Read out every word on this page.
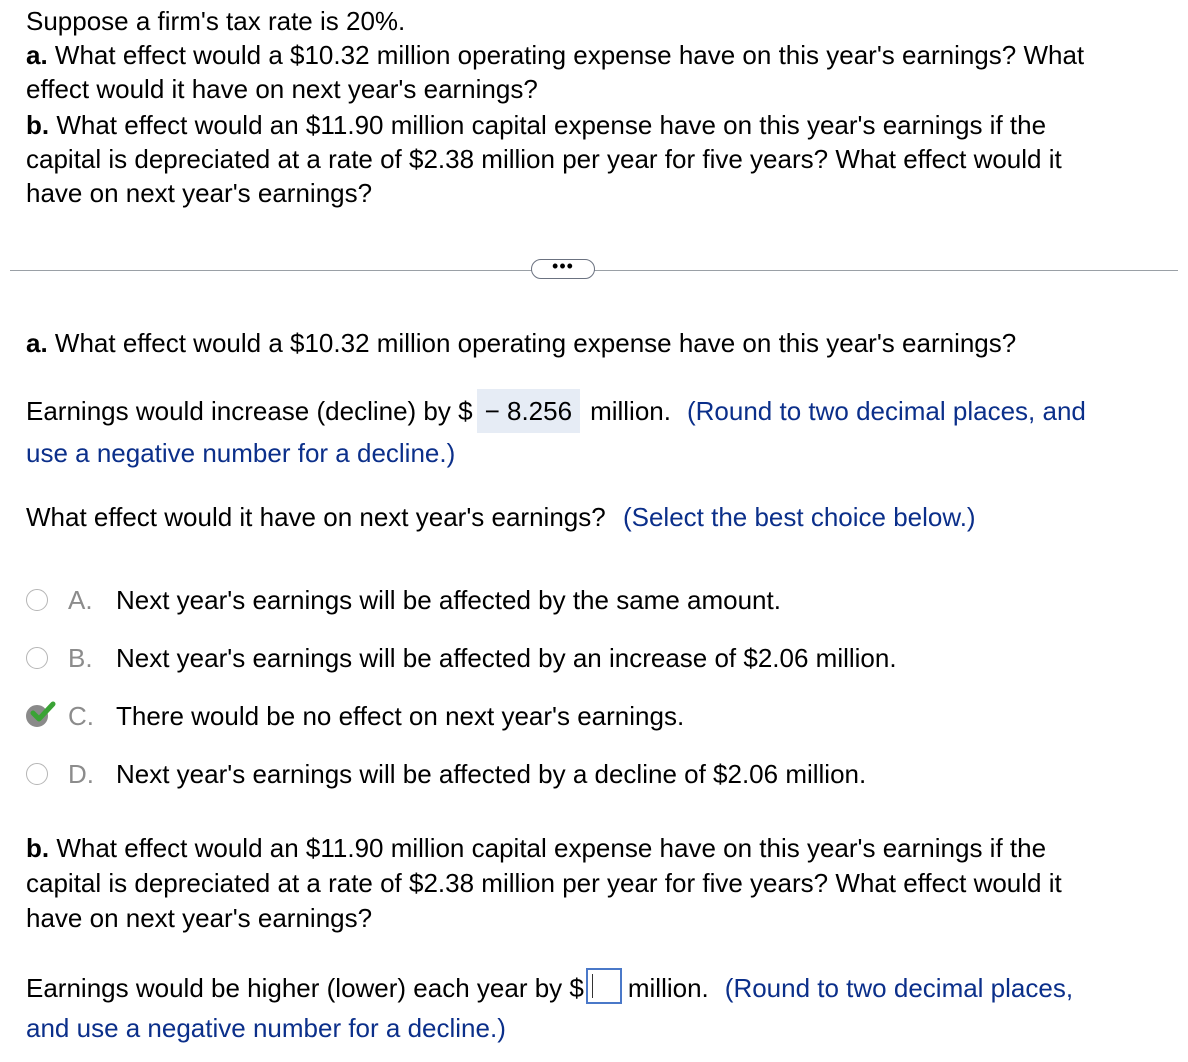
Suppose a firm's tax rate is 20%.
a. What effect would a $10.32 million operating expense have on this year's earnings? What
effect would it have on next year's earnings?
b. What effect would an $11.90 million capital expense have on this year's earnings if the
capital is depreciated at a rate of $2.38 million per year for five years? What effect would it
have on next year's earnings?
•••
a. What effect would a $10.32 million operating expense have on this year's earnings?
Earnings would increase (decline) by $ − 8.256 million. (Round to two decimal places, and
use a negative number for a decline.)
What effect would it have on next year's earnings? (Select the best choice below.)
A. Next year's earnings will be affected by the same amount.
B. Next year's earnings will be affected by an increase of $2.06 million.
C. There would be no effect on next year's earnings.
D. Next year's earnings will be affected by a decline of $2.06 million.
b. What effect would an $11.90 million capital expense have on this year's earnings if the
capital is depreciated at a rate of $2.38 million per year for five years? What effect would it
have on next year's earnings?
Earnings would be higher (lower) each year by $ million. (Round to two decimal places,
and use a negative number for a decline.)
